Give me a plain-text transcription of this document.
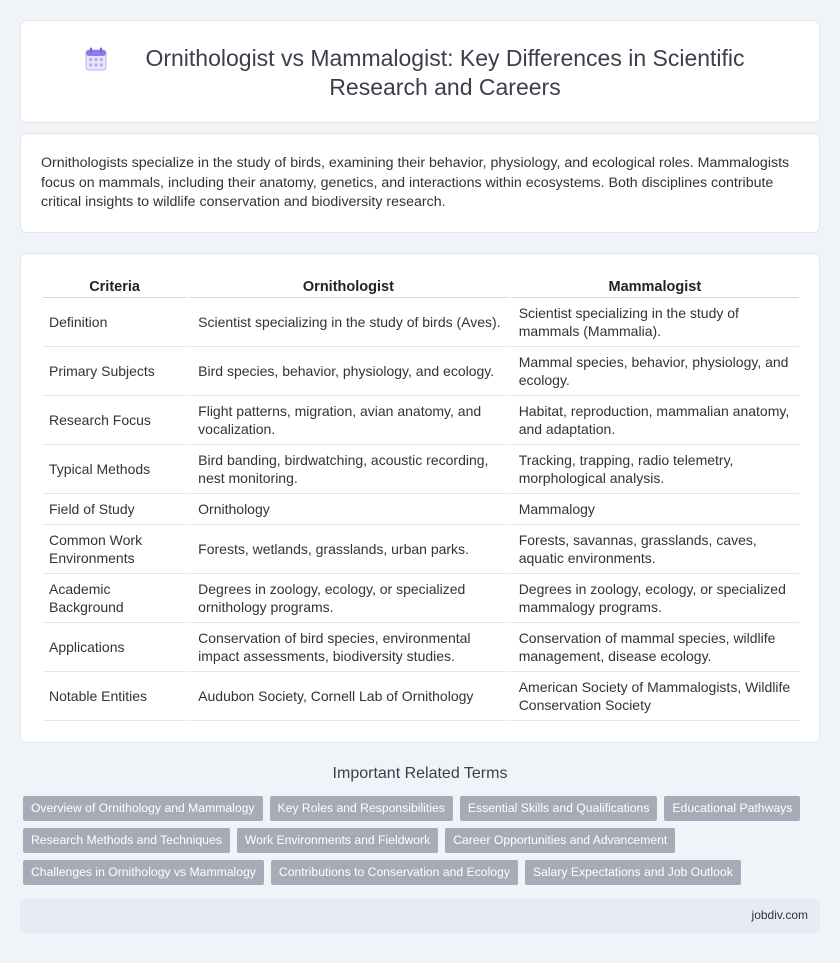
Ornithologist vs Mammalogist: Key Differences in Scientific Research and Careers

Ornithologists specialize in the study of birds, examining their behavior, physiology, and ecological roles. Mammalogists focus on mammals, including their anatomy, genetics, and interactions within ecosystems. Both disciplines contribute critical insights to wildlife conservation and biodiversity research.

Criteria	Ornithologist	Mammalogist
Definition	Scientist specializing in the study of birds (Aves).	Scientist specializing in the study of mammals (Mammalia).
Primary Subjects	Bird species, behavior, physiology, and ecology.	Mammal species, behavior, physiology, and ecology.
Research Focus	Flight patterns, migration, avian anatomy, and vocalization.	Habitat, reproduction, mammalian anatomy, and adaptation.
Typical Methods	Bird banding, birdwatching, acoustic recording, nest monitoring.	Tracking, trapping, radio telemetry, morphological analysis.
Field of Study	Ornithology	Mammalogy
Common Work Environments	Forests, wetlands, grasslands, urban parks.	Forests, savannas, grasslands, caves, aquatic environments.
Academic Background	Degrees in zoology, ecology, or specialized ornithology programs.	Degrees in zoology, ecology, or specialized mammalogy programs.
Applications	Conservation of bird species, environmental impact assessments, biodiversity studies.	Conservation of mammal species, wildlife management, disease ecology.
Notable Entities	Audubon Society, Cornell Lab of Ornithology	American Society of Mammalogists, Wildlife Conservation Society
Important Related Terms
Overview of Ornithology and Mammalogy	Key Roles and Responsibilities	Essential Skills and Qualifications	Educational Pathways
Research Methods and Techniques	Work Environments and Fieldwork	Career Opportunities and Advancement
Challenges in Ornithology vs Mammalogy	Contributions to Conservation and Ecology	Salary Expectations and Job Outlook
jobdiv.com
